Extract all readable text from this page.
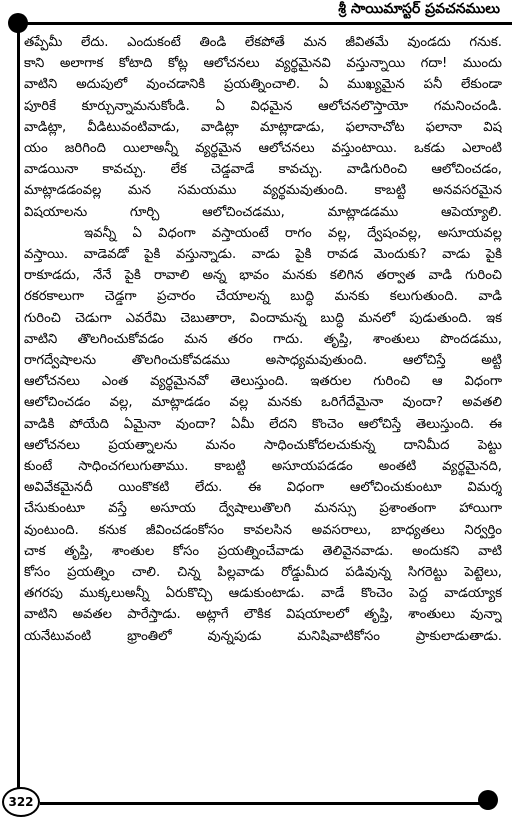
శ్రీ సాయిమాస్టర్ ప్రవచనములు

తప్పేమీ లేదు. ఎందుకంటే తిండి లేకపోతే మన జీవితమే వుండదు గనుక.
కాని అలాగాక కోటాది కోట్ల ఆలోచనలు వ్యర్థమైనవి వస్తున్నాయి గదా! ముందు
వాటిని అదుపులో వుంచడానికి ప్రయత్నించాలి. ఏ ముఖ్యమైన పనీ లేకుండా
పూరికే కూర్చున్నామనుకోండి. ఏ విధమైన ఆలోచనలొస్తాయో గమనించండి.
వాడిట్లా, వీడిటువంటివాడు, వాడిట్లా మాట్లాడాడు, ఫలానాచోట ఫలానా విష
యం జరిగింది యిలాఅన్నీ వ్యర్థమైన ఆలోచనలు వస్తుంటాయి. ఒకడు ఎలాంటి
వాడయినా కావచ్చు. లేక చెడ్డవాడే కావచ్చు. వాడిగురించి ఆలోచించడం,
మాట్లాడడంవల్ల మన సమయము వ్యర్థమవుతుంది. కాబట్టి అనవసరమైన
విషయాలను గూర్చి ఆలోచించడము, మాట్లాడడము ఆపెయ్యాలి.

ఇవన్నీ ఏ విధంగా వస్తాయంటే రాగం వల్ల, ద్వేషంవల్ల, అసూయవల్ల
వస్తాయి. వాడెవడో పైకి వస్తున్నాడు. వాడు పైకి రావడ మెందుకు? వాడు పైకి
రాకూడదు, నేనే పైకి రావాలి అన్న భావం మనకు కలిగిన తర్వాత వాడి గురించి
రకరకాలుగా చెడ్డగా ప్రచారం చేయాలన్న బుద్ధి మనకు కలుగుతుంది. వాడి
గురించి చెడుగా ఎవరేమి చెబుతారా, విందామన్న బుద్ధి మనలో పుడుతుంది. ఇక
వాటిని తొలగించుకోవడం మన తరం గాదు. తృప్తి, శాంతులు పొందడము,
రాగద్వేషాలను తొలగించుకోవడము అసాధ్యమవుతుంది. ఆలోచిస్తే అట్టి
ఆలోచనలు ఎంత వ్యర్థమైనవో తెలుస్తుంది. ఇతరుల గురించి ఆ విధంగా
ఆలోచించడం వల్ల, మాట్లాడడం వల్ల మనకు ఒరిగేదేమైనా వుందా? అవతలి
వాడికి పోయేది ఏమైనా వుందా? ఏమీ లేదని కొంచెం ఆలోచిస్తే తెలుస్తుంది. ఈ
ఆలోచనలు ప్రయత్నాలను మనం సాధించుకోదలచుకున్న దానిమీద పెట్టు
కుంటే సాధించగలుగుతాము. కాబట్టి అసూయపడడం అంతటి వ్యర్థమైనది,
అవివేకమైనదీ యింకొకటి లేదు. ఈ విధంగా ఆలోచించుకుంటూ విమర్శ
చేసుకుంటూ వస్తే అసూయ ద్వేషాలుతొలగి మనస్సు ప్రశాంతంగా హాయిగా
వుంటుంది. కనుక జీవించడంకోసం కావలసిన అవసరాలు, బాధ్యతలు నిర్వర్తిం
చాక తృప్తి, శాంతుల కోసం ప్రయత్నించేవాడు తెలివైనవాడు. అందుకని వాటి
కోసం ప్రయత్నిం చాలి. చిన్న పిల్లవాడు రోడ్డుమీద పడివున్న సిగరెట్టు పెట్టెలు,
తగరపు ముక్కలుఅన్నీ ఏరుకొచ్చి ఆడుకుంటాడు. వాడే కొంచెం పెద్ద వాడయ్యాక
వాటిని అవతల పారేస్తాడు. అట్లాగే లౌకిక విషయాలలో తృప్తి, శాంతులు వున్నా
యనేటువంటి భ్రాంతిలో వున్నపుడు మనిషివాటికోసం ప్రాకులాడుతాడు.

322
